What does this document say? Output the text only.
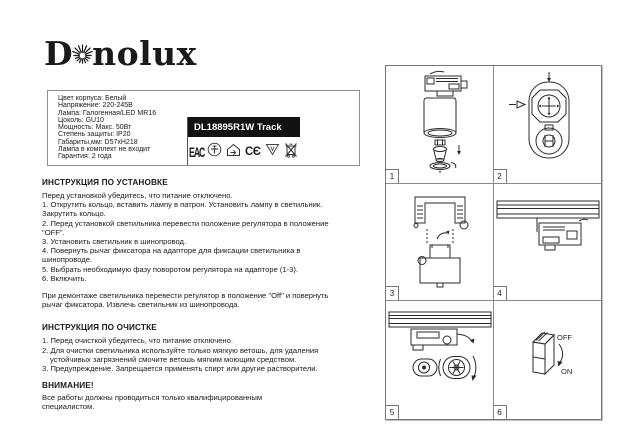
D nolux
Цвет корпуса: Белый
Напряжение: 220-245В
Лампа: Галогенная/LED MR16
Цоколь: GU10
Мощность: Макс. 50Вт
Степень защиты: IP20
Габариты,мм: D57хН218
Лампа в комплект не входит
Гарантия: 2 года
DL18895R1W Track
ЕАС	CЄ
ИНСТРУКЦИЯ ПО УСТАНОВКЕ

Перед установкой убедитесь, что питание отключено.

1. Открутить кольцо, вставить лампу в патрон. Установить лампу в светильник. Закрутить кольцо.

2. Перед установкой светильника перевести положение регулятора в положение "OFF".

3. Установить светильник в шинопровод.

4. Повернуть рычаг фиксатора на адапторе для фиксации светильника в шинопроводе.

5. Выбрать необходимую фазу поворотом регулятора на адапторе (1-3).

6. Включить.

При демонтаже светильника перевести регулятор в положение "Off" и повернуть рычаг фиксатора. Извлечь светильник из шинопровода.

ИНСТРУКЦИЯ ПО ОЧИСТКЕ

1. Перед очисткой убедитесь, что питание отключено.

2. Для очистки светильника используйте только мягкую ветошь, для удаления устойчивых загрязнений смочите ветошь мягким моющим средством.

3. Предупреждение. Запрещается применять спирт или другие растворители.

ВНИМАНИЕ!

Все работы должны проводиться только квалифицированным специалистом.

1	2
3	4
5
OFF
ON
6
